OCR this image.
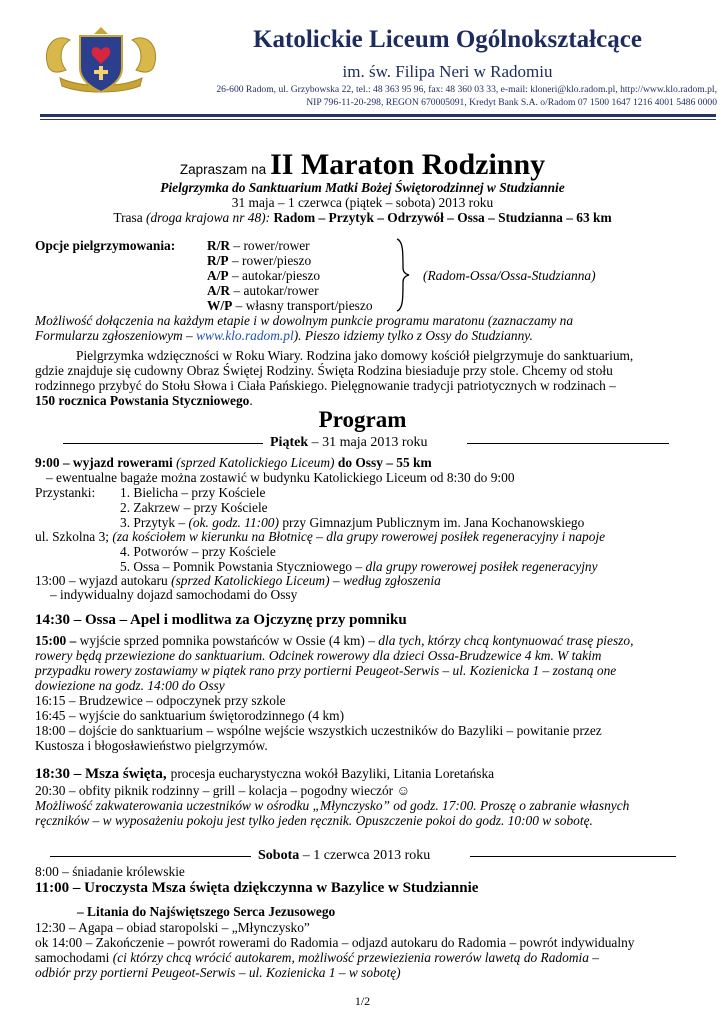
Katolickie Liceum Ogólnokształcące
im. św. Filipa Neri w Radomiu
26-600 Radom, ul. Grzybowska 22, tel.: 48 363 95 96, fax: 48 360 03 33, e-mail: kloneri@klo.radom.pl, http://www.klo.radom.pl,
NIP 796-11-20-298, REGON 670005091, Kredyt Bank S.A. o/Radom 07 1500 1647 1216 4001 5486 0000
Zapraszam na II Maraton Rodzinny
Pielgrzymka do Sanktuarium Matki Bożej Świętorodzinnej w Studziannie
31 maja – 1 czerwca (piątek – sobota) 2013 roku
Trasa (droga krajowa nr 48): Radom – Przytyk – Odrzywół – Ossa – Studzianna – 63 km
Opcje pielgrzymowania: R/R – rower/rower
R/P – rower/pieszo
A/P – autokar/pieszo
A/R – autokar/rower
W/P – własny transport/pieszo
(Radom-Ossa/Ossa-Studzianna)
Możliwość dołączenia na każdym etapie i w dowolnym punkcie programu maratonu (zaznaczamy na
Formularzu zgłoszeniowym – www.klo.radom.pl). Pieszo idziemy tylko z Ossy do Studzianny.
Pielgrzymka wdzięczności w Roku Wiary. Rodzina jako domowy kościół pielgrzymuje do sanktuarium,
gdzie znajduje się cudowny Obraz Świętej Rodziny. Święta Rodzina biesiaduje przy stole. Chcemy od stołu
rodzinnego przybyć do Stołu Słowa i Ciała Pańskiego. Pielęgnowanie tradycji patriotycznych w rodzinach –
150 rocznica Powstania Styczniowego.
Program
Piątek – 31 maja 2013 roku
9:00 – wyjazd rowerami (sprzed Katolickiego Liceum) do Ossy – 55 km
– ewentualne bagaże można zostawić w budynku Katolickiego Liceum od 8:30 do 9:00
Przystanki: 1. Bielicha – przy Kościele
2. Zakrzew – przy Kościele
3. Przytyk – (ok. godz. 11:00) przy Gimnazjum Publicznym im. Jana Kochanowskiego
ul. Szkolna 3; (za kościołem w kierunku na Błotnicę – dla grupy rowerowej posiłek regeneracyjny i napoje
4. Potworów – przy Kościele
5. Ossa – Pomnik Powstania Styczniowego – dla grupy rowerowej posiłek regeneracyjny
13:00 – wyjazd autokaru (sprzed Katolickiego Liceum) – według zgłoszenia
– indywidualny dojazd samochodami do Ossy
14:30 – Ossa – Apel i modlitwa za Ojczyznę przy pomniku
15:00 – wyjście sprzed pomnika powstańców w Ossie (4 km) – dla tych, którzy chcą kontynuować trasę pieszo,
rowery będą przewiezione do sanktuarium. Odcinek rowerowy dla dzieci Ossa-Brudzewice 4 km. W takim
przypadku rowery zostawiamy w piątek rano przy portierni Peugeot-Serwis – ul. Kozienicka 1 – zostaną one
dowiezione na godz. 14:00 do Ossy
16:15 – Brudzewice – odpoczynek przy szkole
16:45 – wyjście do sanktuarium świętorodzinnego (4 km)
18:00 – dojście do sanktuarium – wspólne wejście wszystkich uczestników do Bazyliki – powitanie przez
Kustosza i błogosławieństwo pielgrzymów.
18:30 – Msza święta, procesja eucharystyczna wokół Bazyliki, Litania Loretańska
20:30 – obfity piknik rodzinny – grill – kolacja – pogodny wieczór ☺
Możliwość zakwaterowania uczestników w ośrodku „Młynczysko” od godz. 17:00. Proszę o zabranie własnych
ręczników – w wyposażeniu pokoju jest tylko jeden ręcznik. Opuszczenie pokoi do godz. 10:00 w sobotę.
Sobota – 1 czerwca 2013 roku
8:00 – śniadanie królewskie
11:00 – Uroczysta Msza święta dziękczynna w Bazylice w Studziannie
– Litania do Najświętszego Serca Jezusowego
12:30 – Agapa – obiad staropolski – „Młynczysko”
ok 14:00 – Zakończenie – powrót rowerami do Radomia – odjazd autokaru do Radomia – powrót indywidualny
samochodami (ci którzy chcą wrócić autokarem, możliwość przewiezienia rowerów lawetą do Radomia –
odbiór przy portierni Peugeot-Serwis – ul. Kozienicka 1 – w sobotę)
1/2
